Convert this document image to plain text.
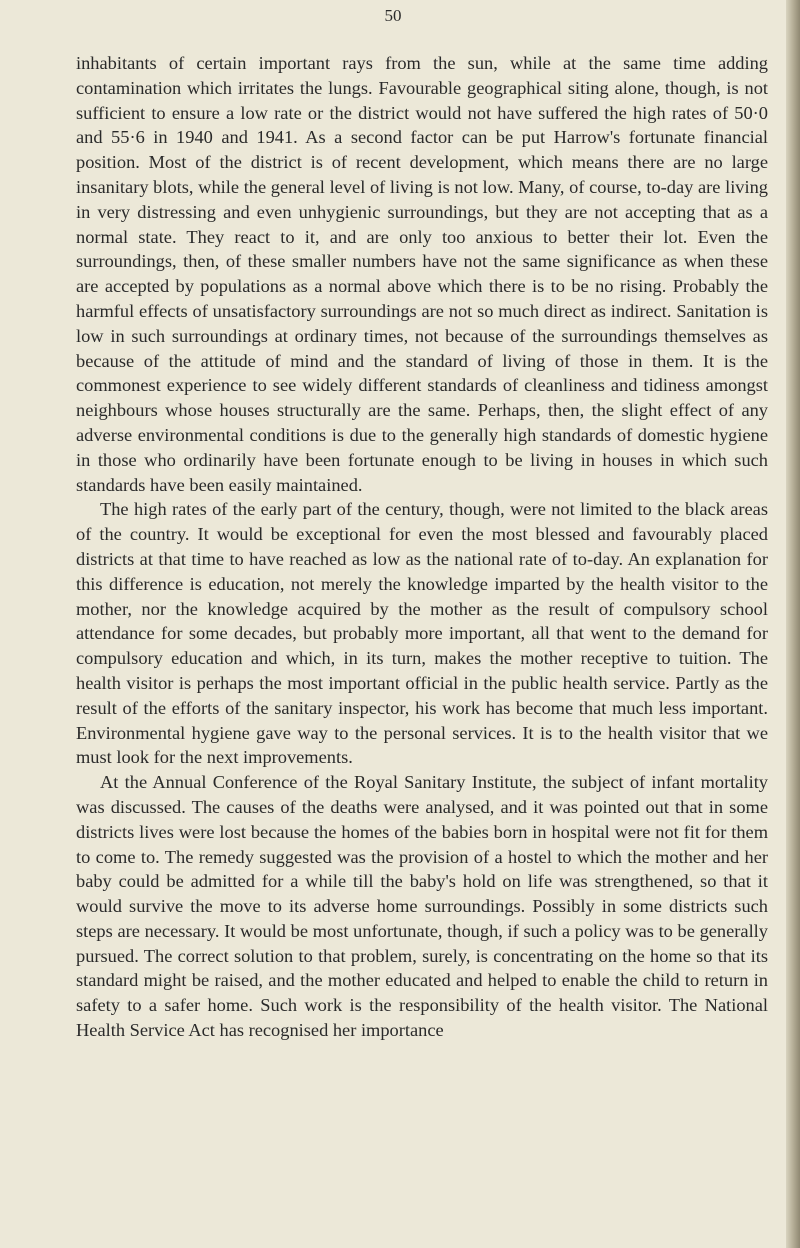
50

inhabitants of certain important rays from the sun, while at the same time adding contamination which irritates the lungs. Favourable geographical siting alone, though, is not sufficient to ensure a low rate or the district would not have suffered the high rates of 50·0 and 55·6 in 1940 and 1941. As a second factor can be put Harrow's fortunate financial position. Most of the district is of recent development, which means there are no large insanitary blots, while the general level of living is not low. Many, of course, to-day are living in very distressing and even unhygienic surroundings, but they are not accepting that as a normal state. They react to it, and are only too anxious to better their lot. Even the surroundings, then, of these smaller numbers have not the same significance as when these are accepted by populations as a normal above which there is to be no rising. Probably the harmful effects of unsatisfactory surroundings are not so much direct as indirect. Sanitation is low in such surroundings at ordinary times, not because of the surroundings themselves as because of the attitude of mind and the standard of living of those in them. It is the commonest experience to see widely different standards of cleanliness and tidiness amongst neighbours whose houses structurally are the same. Perhaps, then, the slight effect of any adverse environmental conditions is due to the generally high standards of domestic hygiene in those who ordinarily have been fortunate enough to be living in houses in which such standards have been easily maintained.

The high rates of the early part of the century, though, were not limited to the black areas of the country. It would be exceptional for even the most blessed and favourably placed districts at that time to have reached as low as the national rate of to-day. An explanation for this difference is education, not merely the knowledge imparted by the health visitor to the mother, nor the knowledge acquired by the mother as the result of compulsory school attendance for some decades, but probably more important, all that went to the demand for compulsory education and which, in its turn, makes the mother receptive to tuition. The health visitor is perhaps the most important official in the public health service. Partly as the result of the efforts of the sanitary inspector, his work has become that much less important. Environmental hygiene gave way to the personal services. It is to the health visitor that we must look for the next improvements.

At the Annual Conference of the Royal Sanitary Institute, the subject of infant mortality was discussed. The causes of the deaths were analysed, and it was pointed out that in some districts lives were lost because the homes of the babies born in hospital were not fit for them to come to. The remedy suggested was the provision of a hostel to which the mother and her baby could be admitted for a while till the baby's hold on life was strengthened, so that it would survive the move to its adverse home surroundings. Possibly in some districts such steps are necessary. It would be most unfortunate, though, if such a policy was to be generally pursued. The correct solution to that problem, surely, is concentrating on the home so that its standard might be raised, and the mother educated and helped to enable the child to return in safety to a safer home. Such work is the responsibility of the health visitor. The National Health Service Act has recognised her importance
